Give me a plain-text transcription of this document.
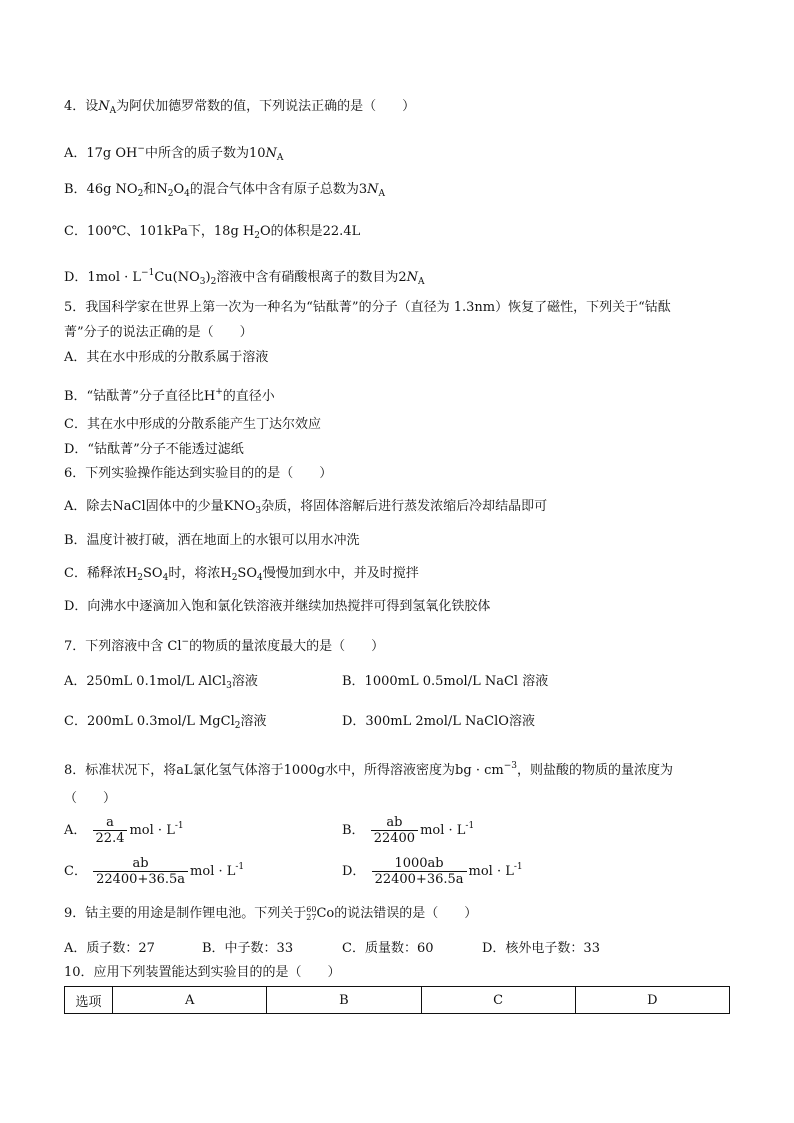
4．设$N_A$为阿伏加德罗常数的值，下列说法正确的是（　　）
A．17g OH−中所含的质子数为$10N_A$
B．46g $NO_2$和$N_2O_4$的混合气体中含有原子总数为$3N_A$
C．100℃、101kPa下，18g $H_2O$的体积是22.4L
D．$1mol \cdot L^{-1}Cu(NO_3)_2$溶液中含有硝酸根离子的数目为$2N_A$
5．我国科学家在世界上第一次为一种名为“钴酞菁”的分子（直径为 1.3nm）恢复了磁性，下列关于“钴酞
菁”分子的说法正确的是（　　）
A．其在水中形成的分散系属于溶液
B．“钴酞菁”分子直径比H+的直径小
C．其在水中形成的分散系能产生丁达尔效应
D．“钴酞菁”分子不能透过滤纸
6．下列实验操作能达到实验目的的是（　　）
A．除去NaCl固体中的少量$KNO_3$杂质，将固体溶解后进行蒸发浓缩后冷却结晶即可
B．温度计被打破，洒在地面上的水银可以用水冲洗
C．稀释浓$H_2SO_4$时，将浓$H_2SO_4$慢慢加到水中，并及时搅拌
D．向沸水中逐滴加入饱和氯化铁溶液并继续加热搅拌可得到氢氧化铁胶体
7．下列溶液中含 Cl−的物质的量浓度最大的是（　　）
A．250mL 0.1mol/L AlCl$_3$溶液	B．1000mL 0.5mol/L NaCl 溶液
C．200mL 0.3mol/L MgCl$_2$溶液	D．300mL 2mol/L NaClO溶液
8．标准状况下，将aL氯化氢气体溶于1000g水中，所得溶液密度为bg · $cm^{-3}$，则盐酸的物质的量浓度为
（　　）
A． $\frac{a}{22.4}$ mol · $L^{-1}$	B． $\frac{ab}{22400}$ mol · $L^{-1}$
C． $\frac{ab}{22400+36.5a}$ mol · $L^{-1}$	D． $\frac{1000ab}{22400+36.5a}$ mol · $L^{-1}$
9．钴主要的用途是制作锂电池。下列关于 60
27 Co的说法错误的是（　　）
A．质子数：27	B．中子数：33	C．质量数：60	D．核外电子数：33
10．应用下列装置能达到实验目的的是（　　）
选项	A	B	C	D
